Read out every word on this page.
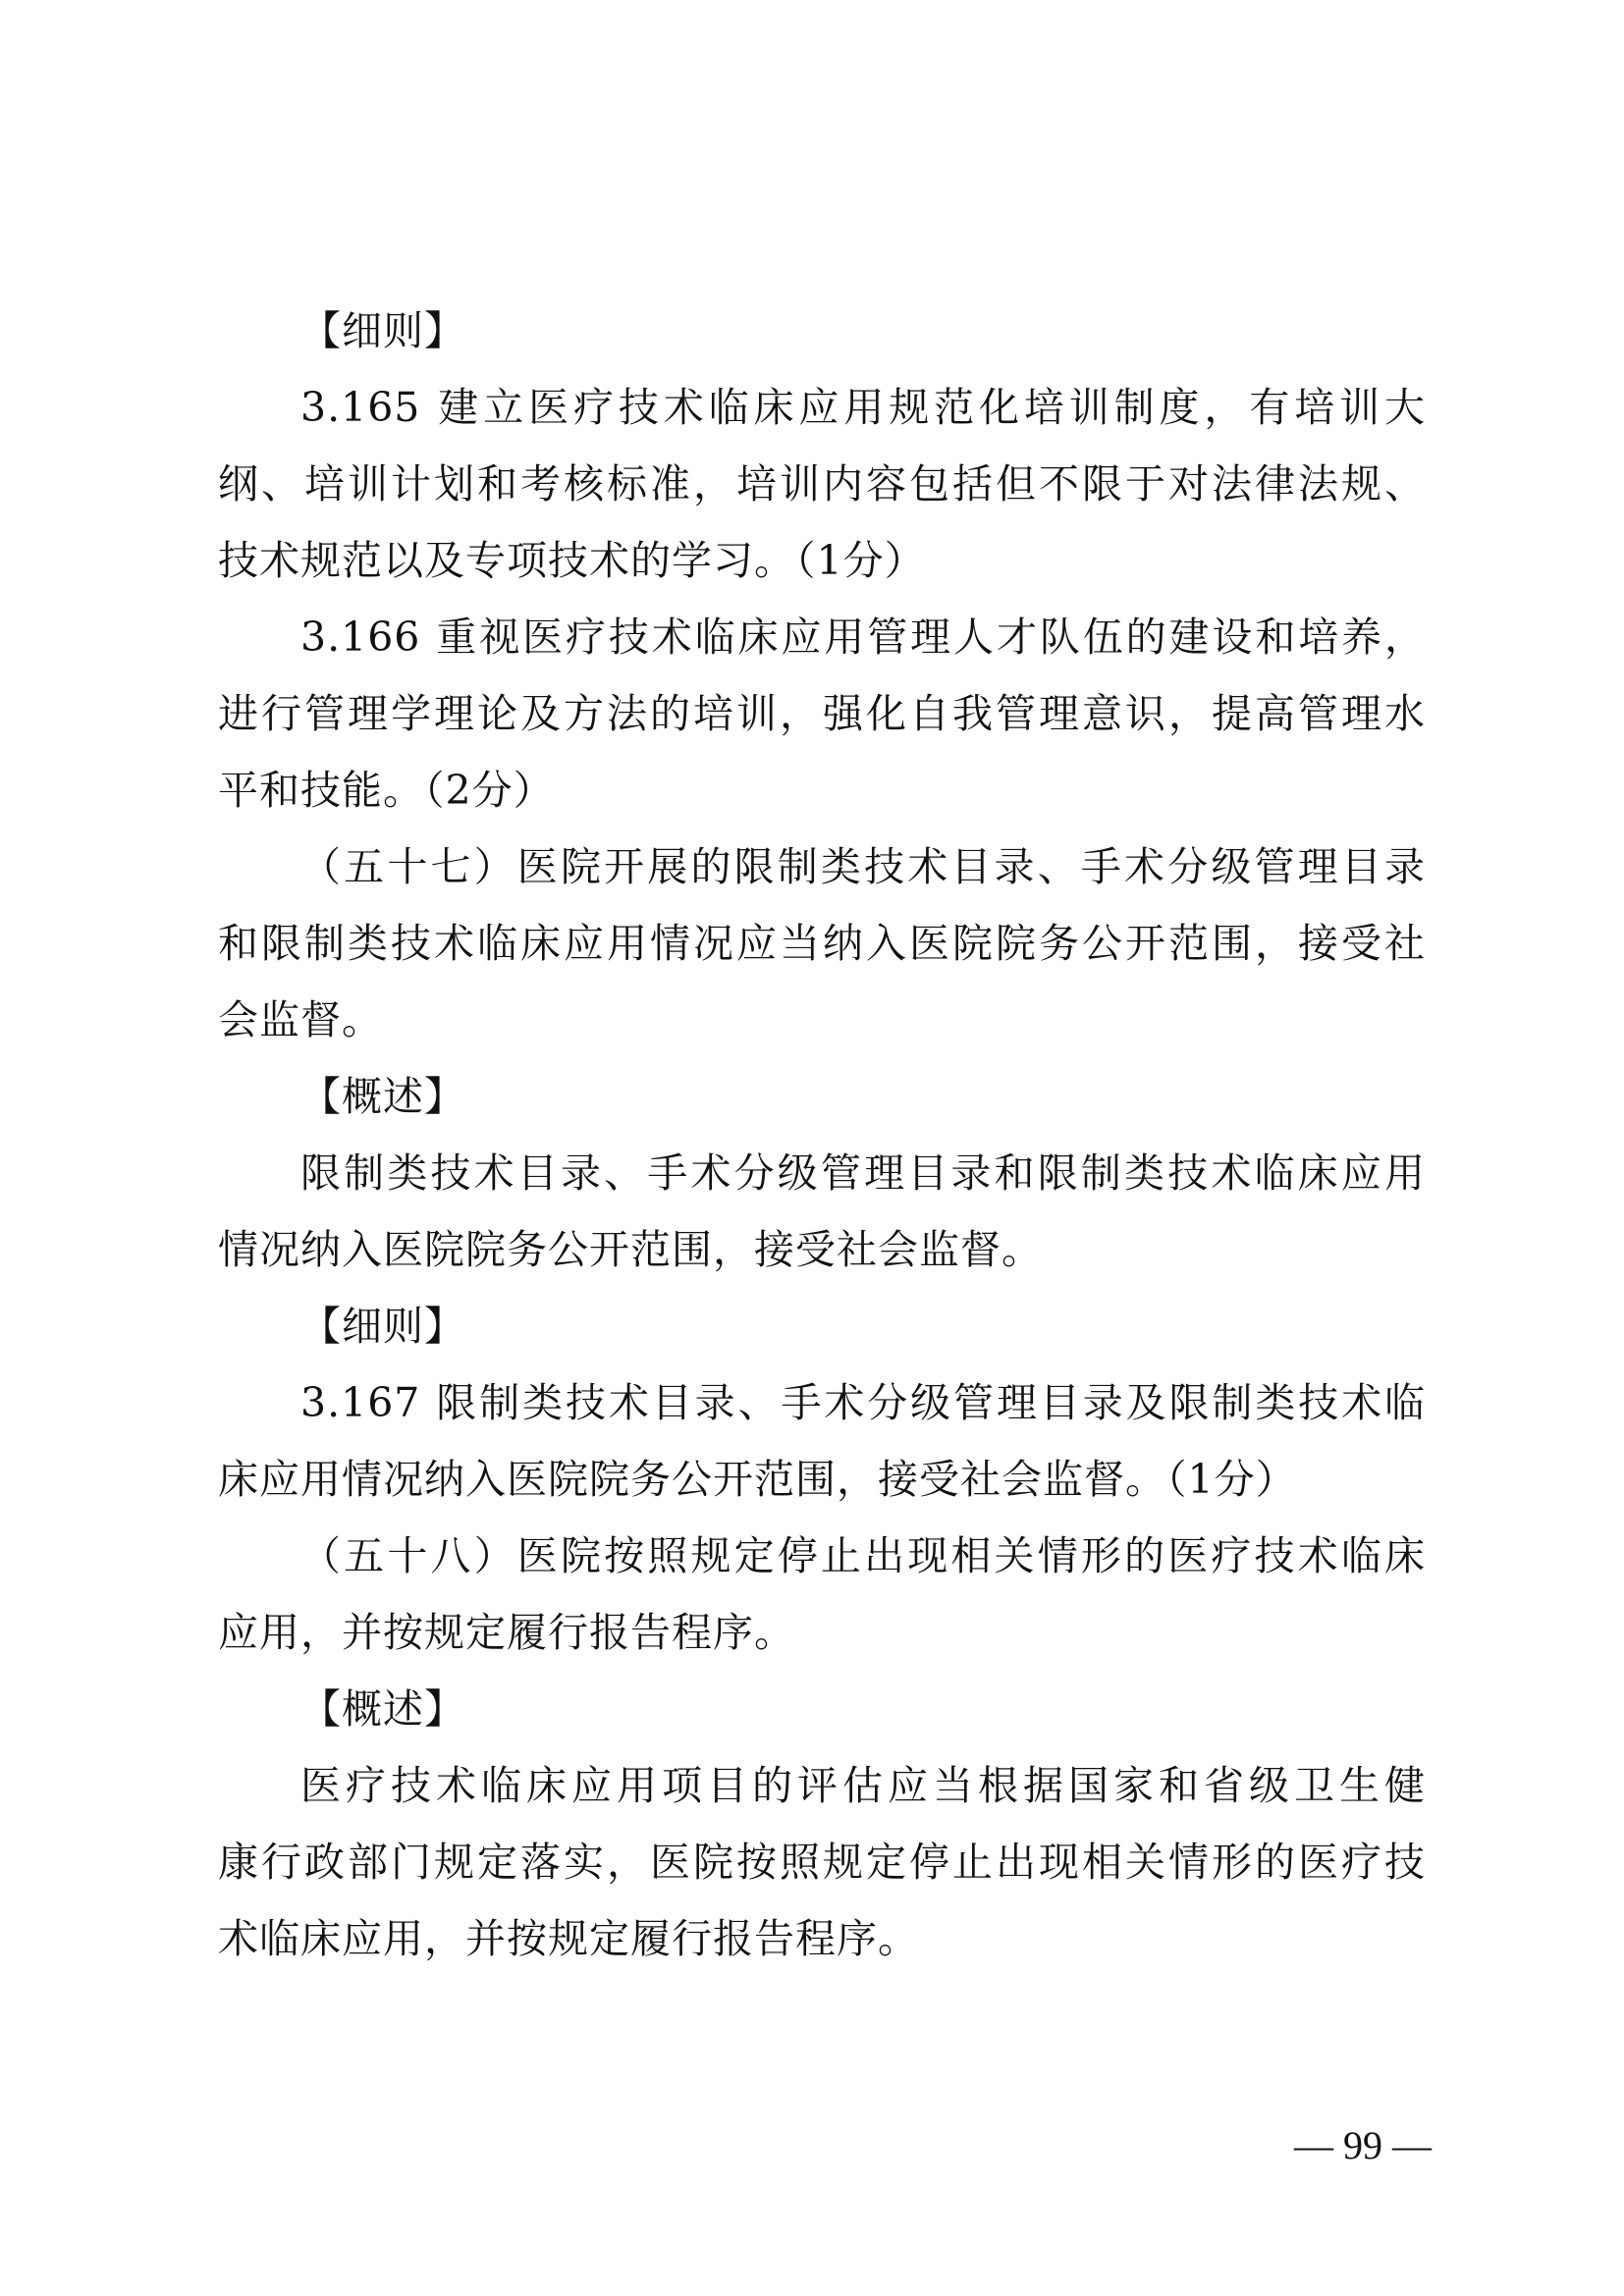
【细则】
3.165 建立医疗技术临床应用规范化培训制度，有培训大
纲、培训计划和考核标准，培训内容包括但不限于对法律法规、
技术规范以及专项技术的学习。（1分）
3.166 重视医疗技术临床应用管理人才队伍的建设和培养，
进行管理学理论及方法的培训，强化自我管理意识，提高管理水
平和技能。（2分）
（五十七）医院开展的限制类技术目录、手术分级管理目录
和限制类技术临床应用情况应当纳入医院院务公开范围，接受社
会监督。
【概述】
限制类技术目录、手术分级管理目录和限制类技术临床应用
情况纳入医院院务公开范围，接受社会监督。
【细则】
3.167 限制类技术目录、手术分级管理目录及限制类技术临
床应用情况纳入医院院务公开范围，接受社会监督。（1分）
（五十八）医院按照规定停止出现相关情形的医疗技术临床
应用，并按规定履行报告程序。
【概述】
医疗技术临床应用项目的评估应当根据国家和省级卫生健
康行政部门规定落实，医院按照规定停止出现相关情形的医疗技
术临床应用，并按规定履行报告程序。
— 99 —
